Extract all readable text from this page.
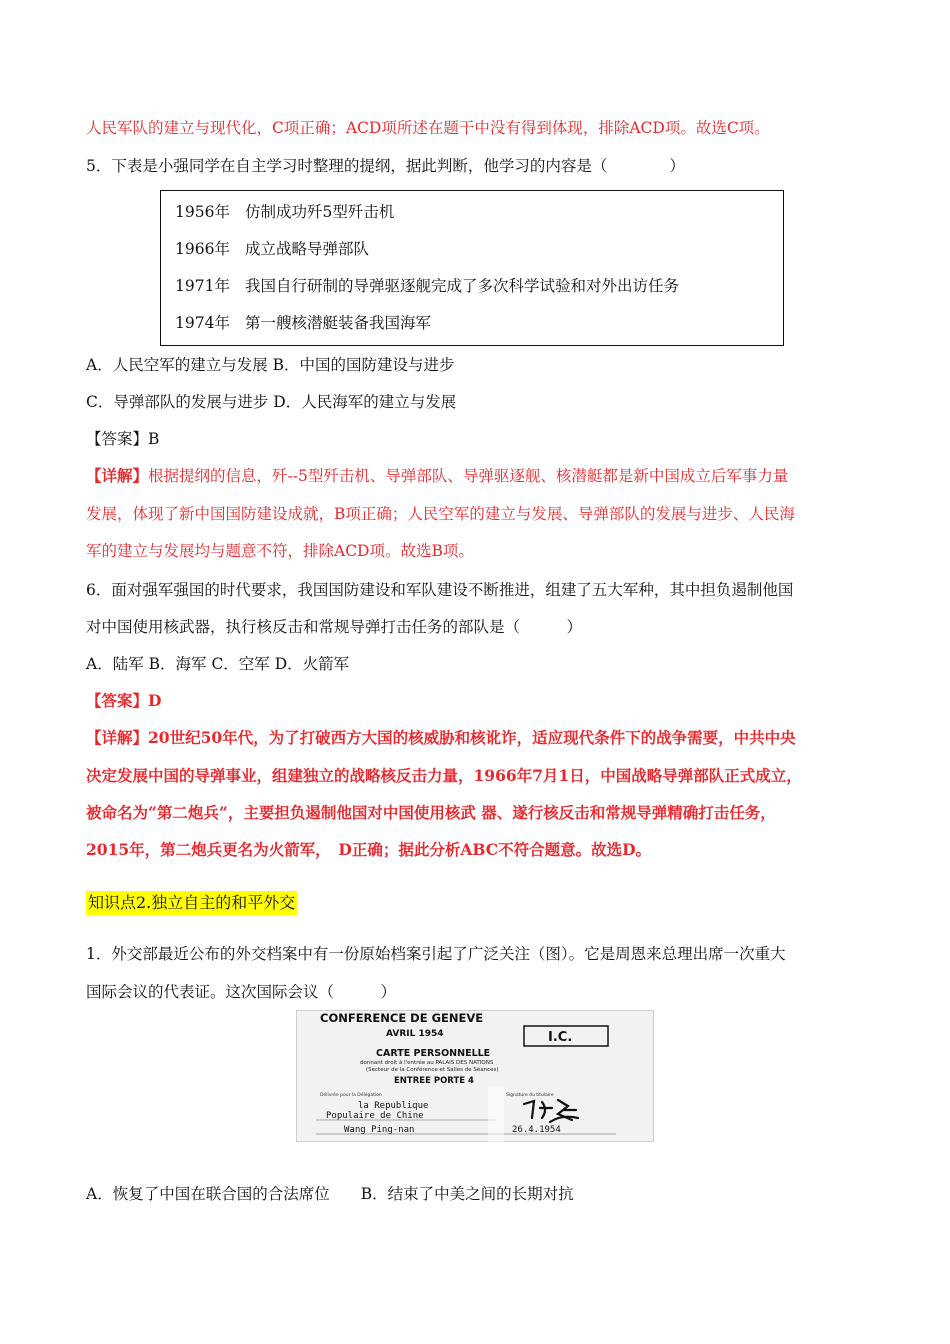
人民军队的建立与现代化，C项正确；ACD项所述在题干中没有得到体现，排除ACD项。故选C项。
5．下表是小强同学在自主学习时整理的提纲，据此判断，他学习的内容是（　　　　）
1956年 仿制成功歼5型歼击机
1966年 成立战略导弹部队
1971年 我国自行研制的导弹驱逐舰完成了多次科学试验和对外出访任务
1974年 第一艘核潜艇装备我国海军
A．人民空军的建立与发展 B．中国的国防建设与进步
C．导弹部队的发展与进步 D．人民海军的建立与发展
【答案】B
【详解】根据提纲的信息，歼--5型歼击机、导弹部队、导弹驱逐舰、核潜艇都是新中国成立后军事力量
发展，体现了新中国国防建设成就，B项正确；人民空军的建立与发展、导弹部队的发展与进步、人民海
军的建立与发展均与题意不符，排除ACD项。故选B项。
6．面对强军强国的时代要求，我国国防建设和军队建设不断推进，组建了五大军种，其中担负遏制他国
对中国使用核武器，执行核反击和常规导弹打击任务的部队是（　　　）
A．陆军 B．海军 C．空军 D．火箭军
【答案】D
【详解】20世纪50年代，为了打破西方大国的核威胁和核讹诈，适应现代条件下的战争需要，中共中央
决定发展中国的导弹事业，组建独立的战略核反击力量，1966年7月1日，中国战略导弹部队正式成立，
被命名为“第二炮兵”，主要担负遏制他国对中国使用核武 器、遂行核反击和常规导弹精确打击任务，
2015年，第二炮兵更名为火箭军，　D正确；据此分析ABC不符合题意。故选D。
知识点2.独立自主的和平外交
1．外交部最近公布的外交档案中有一份原始档案引起了广泛关注（图）。它是周恩来总理出席一次重大
国际会议的代表证。这次国际会议（　　　）
CONFERENCE DE GENEVE
AVRIL 1954	I.C.
CARTE PERSONNELLE
donnant droit à l'entrée au PALAIS DES NATIONS
(Secteur de la Conférence et Salles de Séances)
ENTREE PORTE 4
Délivrée pour la Délégation	Signature du titulaire
la Republique
Populaire de Chine
Wang Ping-nan	26.4.1954
A．恢复了中国在联合国的合法席位　　B．结束了中美之间的长期对抗
